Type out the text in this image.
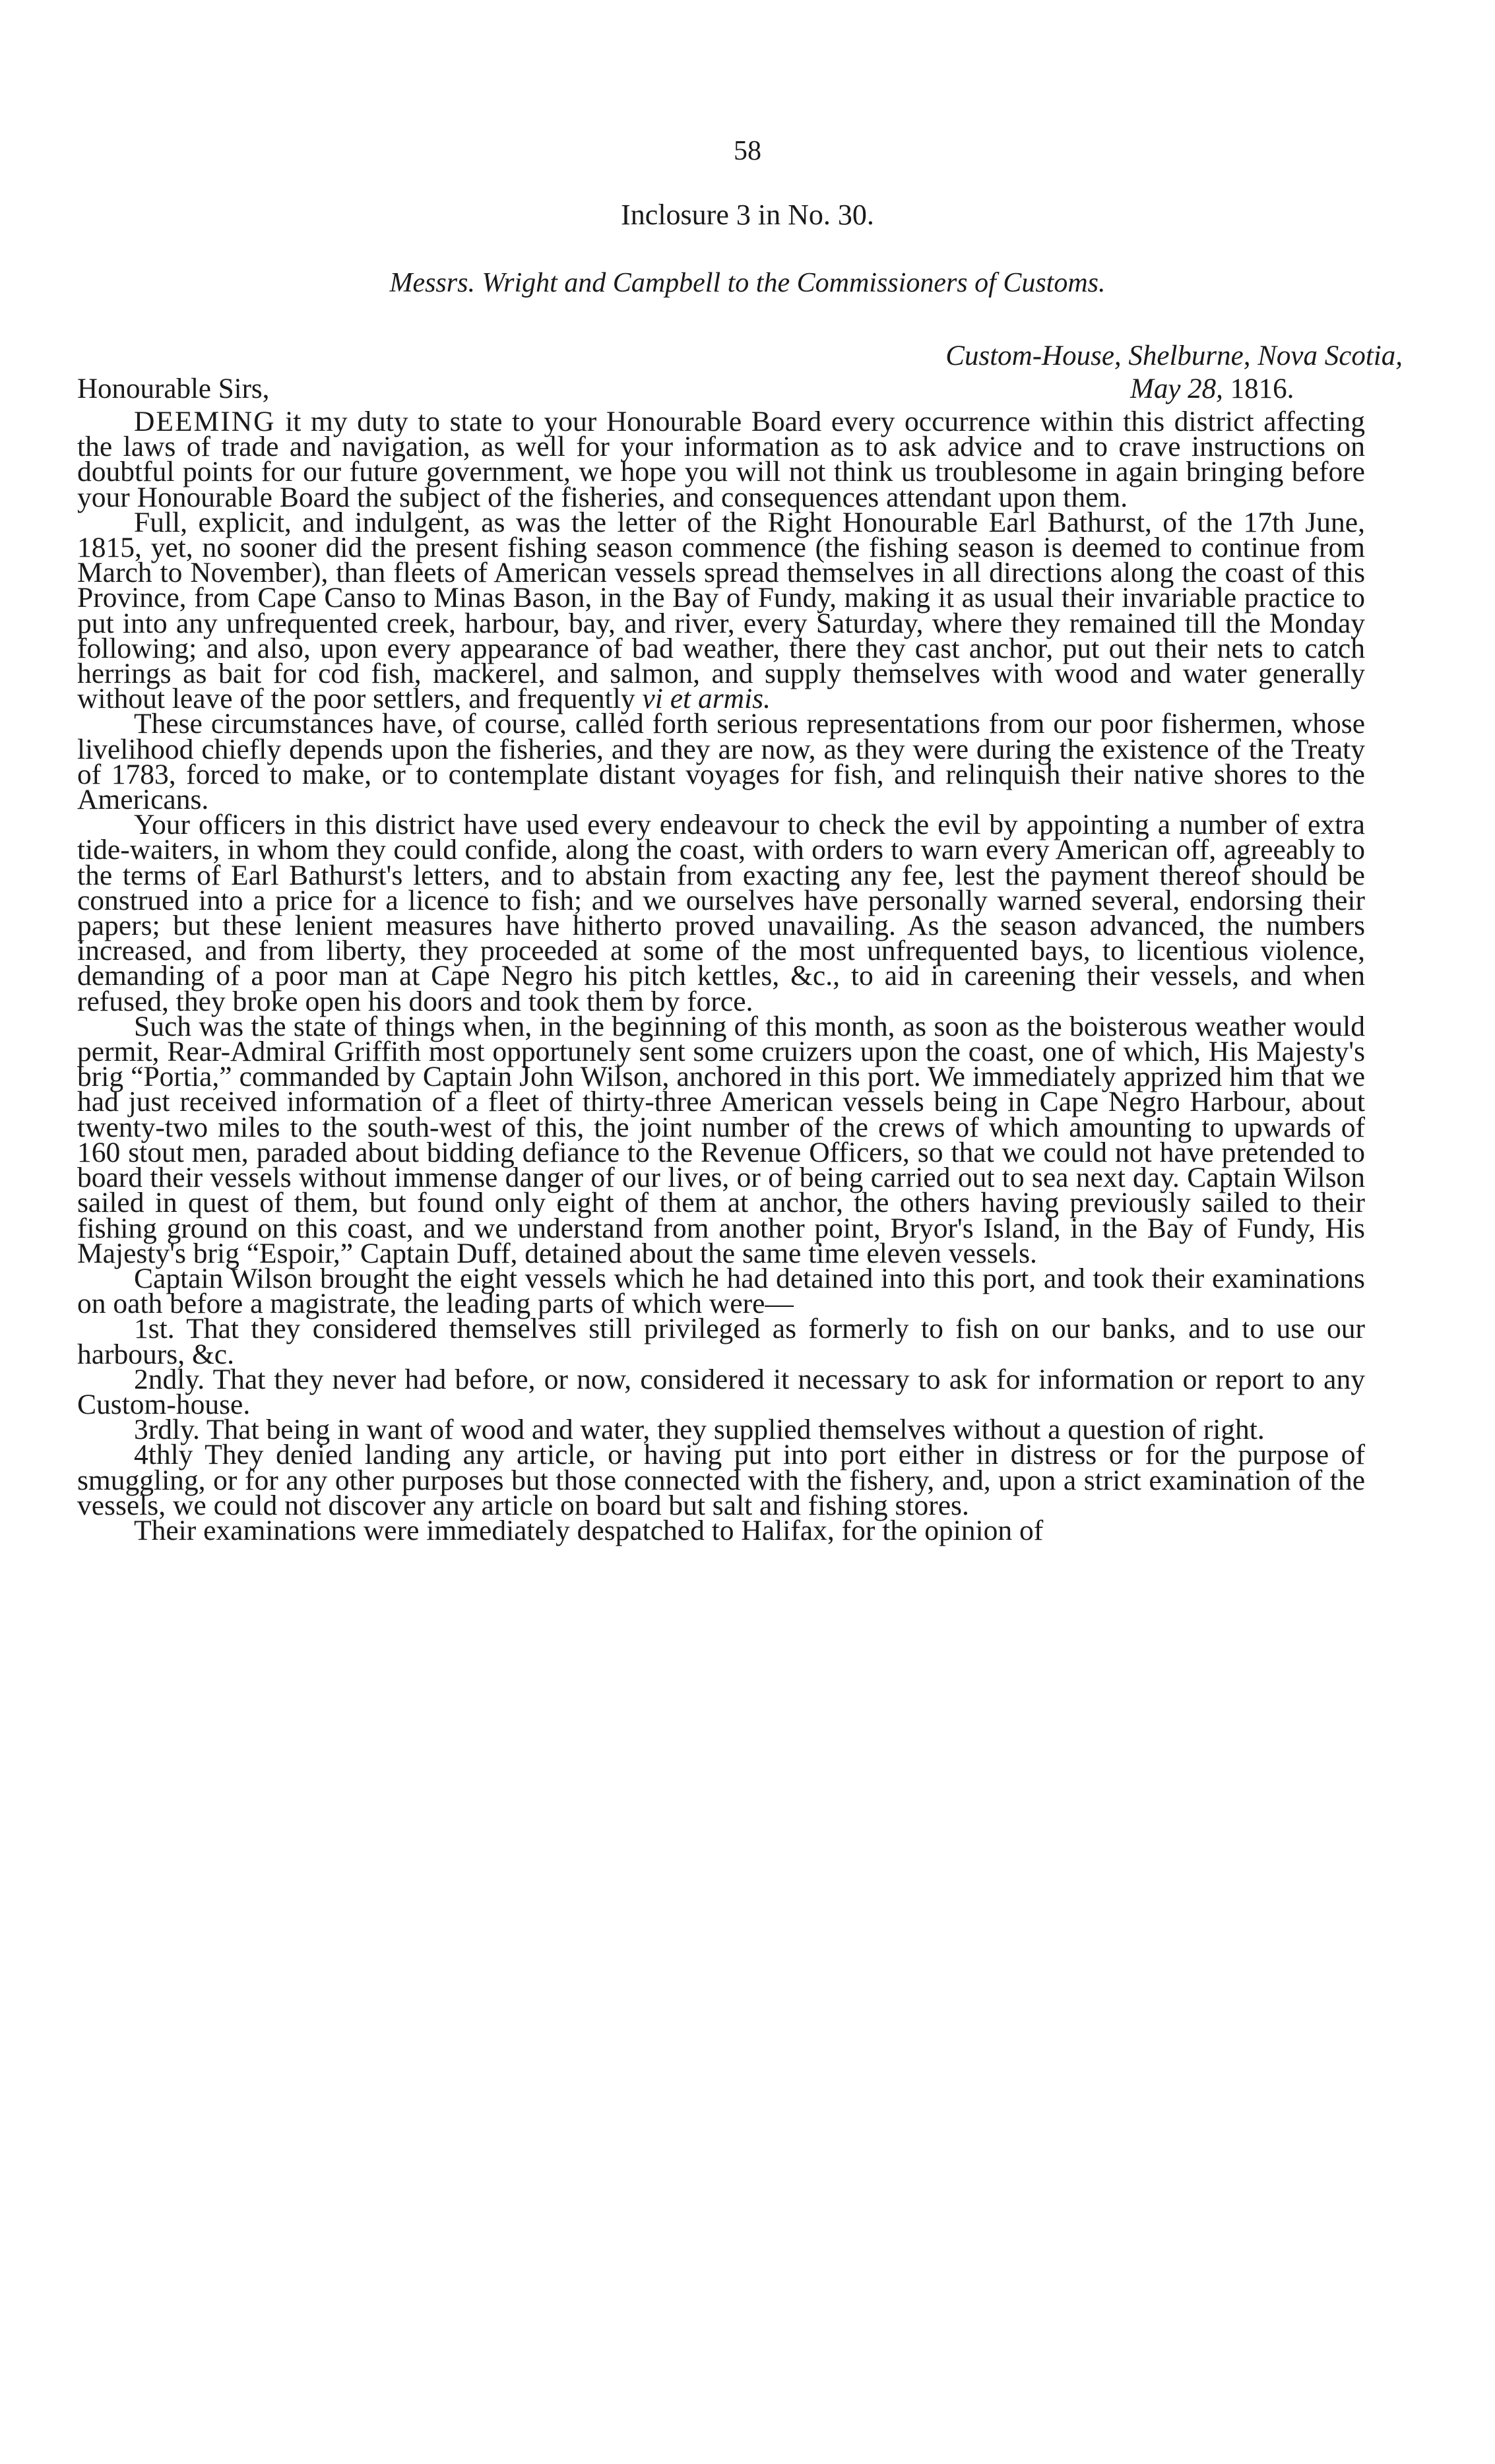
58

Inclosure 3 in No. 30.

Messrs. Wright and Campbell to the Commissioners of Customs.

Custom-House, Shelburne, Nova Scotia,

Honourable Sirs,	May 28, 1816.

DEEMING it my duty to state to your Honourable Board every occurrence within this district affecting the laws of trade and navigation, as well for your information as to ask advice and to crave instructions on doubtful points for our future government, we hope you will not think us troublesome in again bringing before your Honourable Board the subject of the fisheries, and consequences attendant upon them.

Full, explicit, and indulgent, as was the letter of the Right Honourable Earl Bathurst, of the 17th June, 1815, yet, no sooner did the present fishing season commence (the fishing season is deemed to continue from March to November), than fleets of American vessels spread themselves in all directions along the coast of this Province, from Cape Canso to Minas Bason, in the Bay of Fundy, making it as usual their invariable practice to put into any unfrequented creek, harbour, bay, and river, every Saturday, where they remained till the Monday following; and also, upon every appearance of bad weather, there they cast anchor, put out their nets to catch herrings as bait for cod fish, mackerel, and salmon, and supply themselves with wood and water generally without leave of the poor settlers, and frequently vi et armis.

These circumstances have, of course, called forth serious representations from our poor fishermen, whose livelihood chiefly depends upon the fisheries, and they are now, as they were during the existence of the Treaty of 1783, forced to make, or to contemplate distant voyages for fish, and relinquish their native shores to the Americans.

Your officers in this district have used every endeavour to check the evil by appointing a number of extra tide-waiters, in whom they could confide, along the coast, with orders to warn every American off, agreeably to the terms of Earl Bathurst's letters, and to abstain from exacting any fee, lest the payment thereof should be construed into a price for a licence to fish; and we ourselves have personally warned several, endorsing their papers; but these lenient measures have hitherto proved unavailing. As the season advanced, the numbers increased, and from liberty, they proceeded at some of the most unfrequented bays, to licentious violence, demanding of a poor man at Cape Negro his pitch kettles, &c., to aid in careening their vessels, and when refused, they broke open his doors and took them by force.

Such was the state of things when, in the beginning of this month, as soon as the boisterous weather would permit, Rear-Admiral Griffith most opportunely sent some cruizers upon the coast, one of which, His Majesty's brig “Portia,” commanded by Captain John Wilson, anchored in this port. We immediately apprized him that we had just received information of a fleet of thirty-three American vessels being in Cape Negro Harbour, about twenty-two miles to the south-west of this, the joint number of the crews of which amounting to upwards of 160 stout men, paraded about bidding defiance to the Revenue Officers, so that we could not have pretended to board their vessels without immense danger of our lives, or of being carried out to sea next day. Captain Wilson sailed in quest of them, but found only eight of them at anchor, the others having previously sailed to their fishing ground on this coast, and we understand from another point, Bryor's Island, in the Bay of Fundy, His Majesty's brig “Espoir,” Captain Duff, detained about the same time eleven vessels.

Captain Wilson brought the eight vessels which he had detained into this port, and took their examinations on oath before a magistrate, the leading parts of which were—

1st. That they considered themselves still privileged as formerly to fish on our banks, and to use our harbours, &c.

2ndly. That they never had before, or now, considered it necessary to ask for information or report to any Custom-house.

3rdly. That being in want of wood and water, they supplied themselves without a question of right.

4thly They denied landing any article, or having put into port either in distress or for the purpose of smuggling, or for any other purposes but those connected with the fishery, and, upon a strict examination of the vessels, we could not discover any article on board but salt and fishing stores.

Their examinations were immediately despatched to Halifax, for the opinion of
